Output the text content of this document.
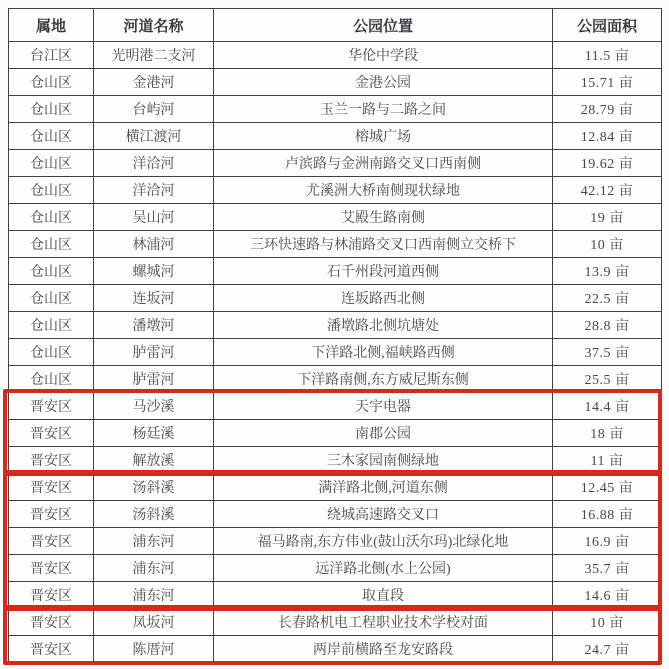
属地	河道名称	公园位置	公园面积
台江区	光明港二支河	华伦中学段	11.5 亩
仓山区	金港河	金港公园	15.71 亩
仓山区	台屿河	玉兰一路与二路之间	28.79 亩
仓山区	横江渡河	榕城广场	12.84 亩
仓山区	洋洽河	卢滨路与金洲南路交叉口西南侧	19.62 亩
仓山区	洋洽河	尤溪洲大桥南侧现状绿地	42.12 亩
仓山区	吴山河	艾殿生路南侧	19 亩
仓山区	林浦河	三环快速路与林浦路交叉口西南侧立交桥下	10 亩
仓山区	螺城河	石千州段河道西侧	13.9 亩
仓山区	连坂河	连坂路西北侧	22.5 亩
仓山区	潘墩河	潘墩路北侧坑塘处	28.8 亩
仓山区	胪雷河	下洋路北侧,福峡路西侧	37.5 亩
仓山区	胪雷河	下洋路南侧,东方威尼斯东侧	25.5 亩
晋安区	马沙溪	天宇电器	14.4 亩
晋安区	杨廷溪	南郡公园	18 亩
晋安区	解放溪	三木家园南侧绿地	11 亩
晋安区	汤斜溪	满洋路北侧,河道东侧	12.45 亩
晋安区	汤斜溪	绕城高速路交叉口	16.88 亩
晋安区	浦东河	福马路南,东方伟业(鼓山沃尔玛)北绿化地	16.9 亩
晋安区	浦东河	远洋路北侧(水上公园)	35.7 亩
晋安区	浦东河	取直段	14.6 亩
晋安区	凤坂河	长春路机电工程职业技术学校对面	10 亩
晋安区	陈厝河	两岸前横路至龙安路段	24.7 亩
